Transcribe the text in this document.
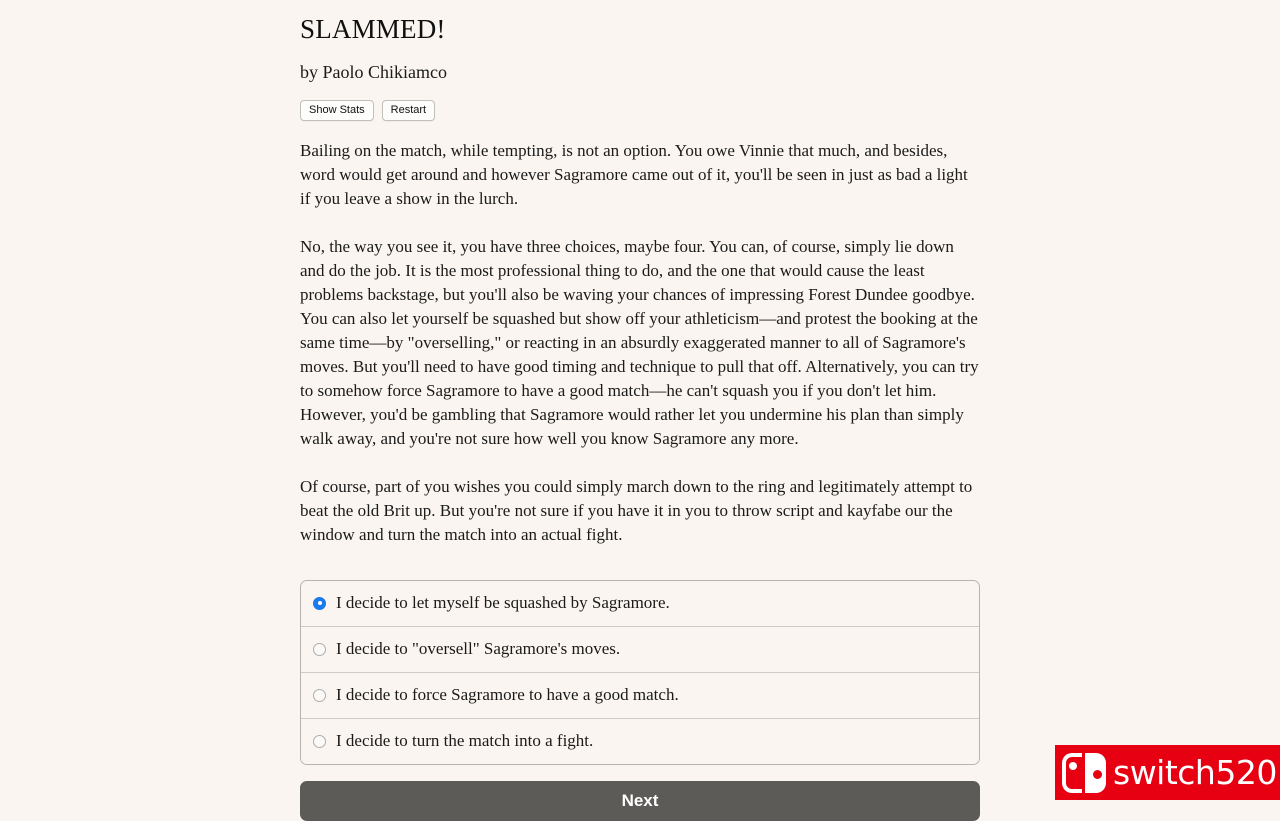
SLAMMED!
by Paolo Chikiamco
Show Stats	Restart

Bailing on the match, while tempting, is not an option. You owe Vinnie that much, and besides, word would get around and however Sagramore came out of it, you'll be seen in just as bad a light if you leave a show in the lurch.

No, the way you see it, you have three choices, maybe four. You can, of course, simply lie down and do the job. It is the most professional thing to do, and the one that would cause the least problems backstage, but you'll also be waving your chances of impressing Forest Dundee goodbye. You can also let yourself be squashed but show off your athleticism—and protest the booking at the same time—by "overselling," or reacting in an absurdly exaggerated manner to all of Sagramore's moves. But you'll need to have good timing and technique to pull that off. Alternatively, you can try to somehow force Sagramore to have a good match—he can't squash you if you don't let him. However, you'd be gambling that Sagramore would rather let you undermine his plan than simply walk away, and you're not sure how well you know Sagramore any more.

Of course, part of you wishes you could simply march down to the ring and legitimately attempt to beat the old Brit up. But you're not sure if you have it in you to throw script and kayfabe our the window and turn the match into an actual fight.

I decide to let myself be squashed by Sagramore.
I decide to "oversell" Sagramore's moves.
I decide to force Sagramore to have a good match.
I decide to turn the match into a fight.
Next
switch520
